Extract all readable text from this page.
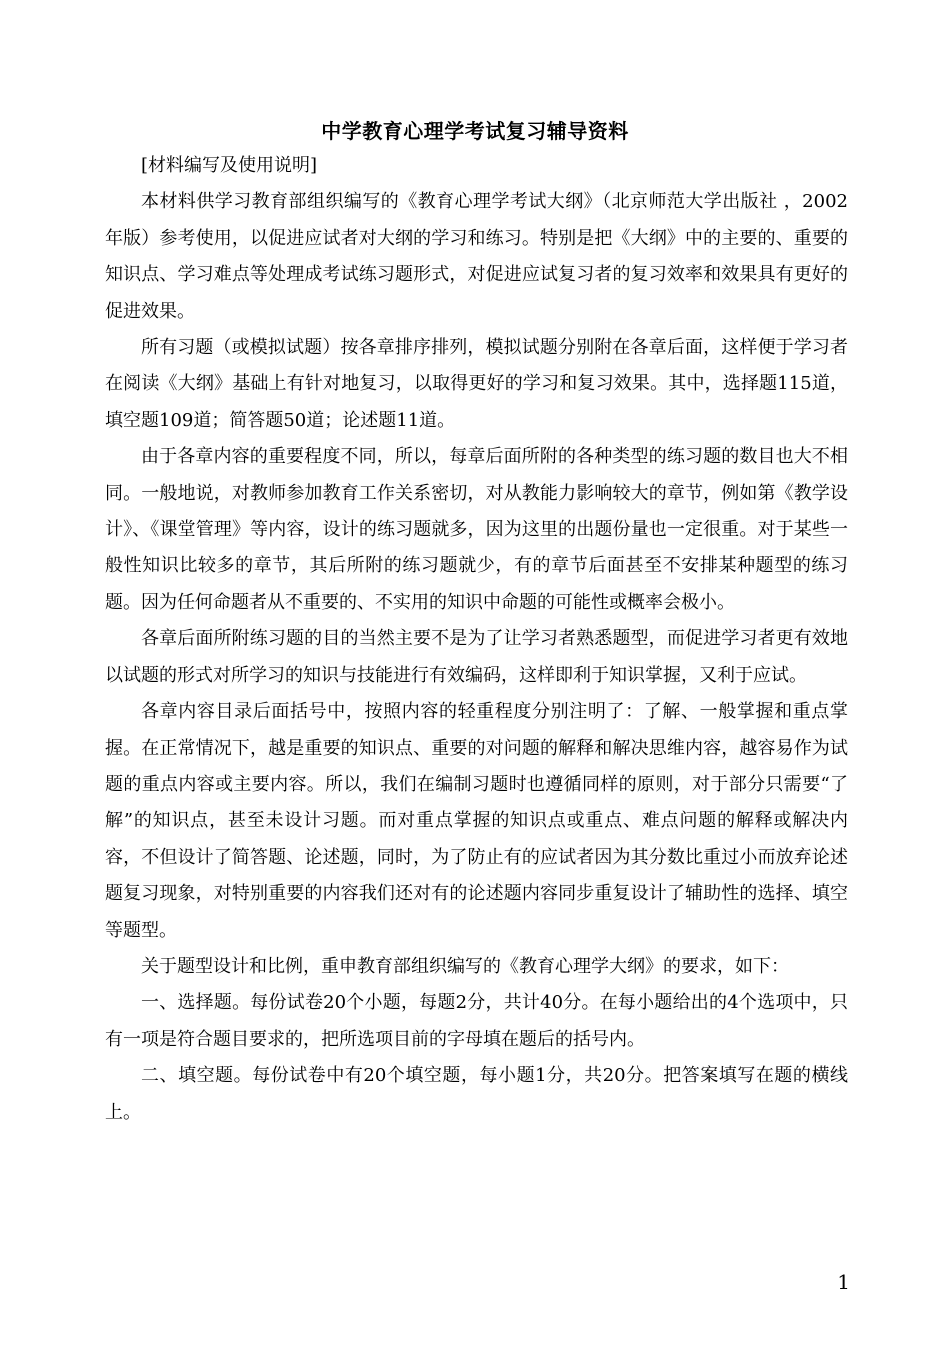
中学教育心理学考试复习辅导资料

[材料编写及使用说明]

本材料供学习教育部组织编写的《教育心理学考试大纲》（北京师范大学出版社 ，2002年版）参考使用，以促进应试者对大纲的学习和练习。特别是把《大纲》中的主要的、重要的知识点、学习难点等处理成考试练习题形式，对促进应试复习者的复习效率和效果具有更好的促进效果。

所有习题（或模拟试题）按各章排序排列，模拟试题分别附在各章后面，这样便于学习者在阅读《大纲》基础上有针对地复习，以取得更好的学习和复习效果。其中，选择题115道，填空题109道；简答题50道；论述题11道。

由于各章内容的重要程度不同，所以，每章后面所附的各种类型的练习题的数目也大不相同。一般地说，对教师参加教育工作关系密切，对从教能力影响较大的章节，例如第《教学设计》、《课堂管理》等内容，设计的练习题就多，因为这里的出题份量也一定很重。对于某些一般性知识比较多的章节，其后所附的练习题就少，有的章节后面甚至不安排某种题型的练习题。因为任何命题者从不重要的、不实用的知识中命题的可能性或概率会极小。

各章后面所附练习题的目的当然主要不是为了让学习者熟悉题型，而促进学习者更有效地以试题的形式对所学习的知识与技能进行有效编码，这样即利于知识掌握，又利于应试。

各章内容目录后面括号中，按照内容的轻重程度分别注明了：了解、一般掌握和重点掌握。在正常情况下，越是重要的知识点、重要的对问题的解释和解决思维内容，越容易作为试题的重点内容或主要内容。所以，我们在编制习题时也遵循同样的原则，对于部分只需要“了解”的知识点，甚至未设计习题。而对重点掌握的知识点或重点、难点问题的解释或解决内容，不但设计了简答题、论述题，同时，为了防止有的应试者因为其分数比重过小而放弃论述题复习现象，对特别重要的内容我们还对有的论述题内容同步重复设计了辅助性的选择、填空等题型。

关于题型设计和比例，重申教育部组织编写的《教育心理学大纲》的要求，如下：

一、选择题。每份试卷20个小题，每题2分，共计40分。在每小题给出的4个选项中，只有一项是符合题目要求的，把所选项目前的字母填在题后的括号内。

二、填空题。每份试卷中有20个填空题，每小题1分，共20分。把答案填写在题的横线上。

1
